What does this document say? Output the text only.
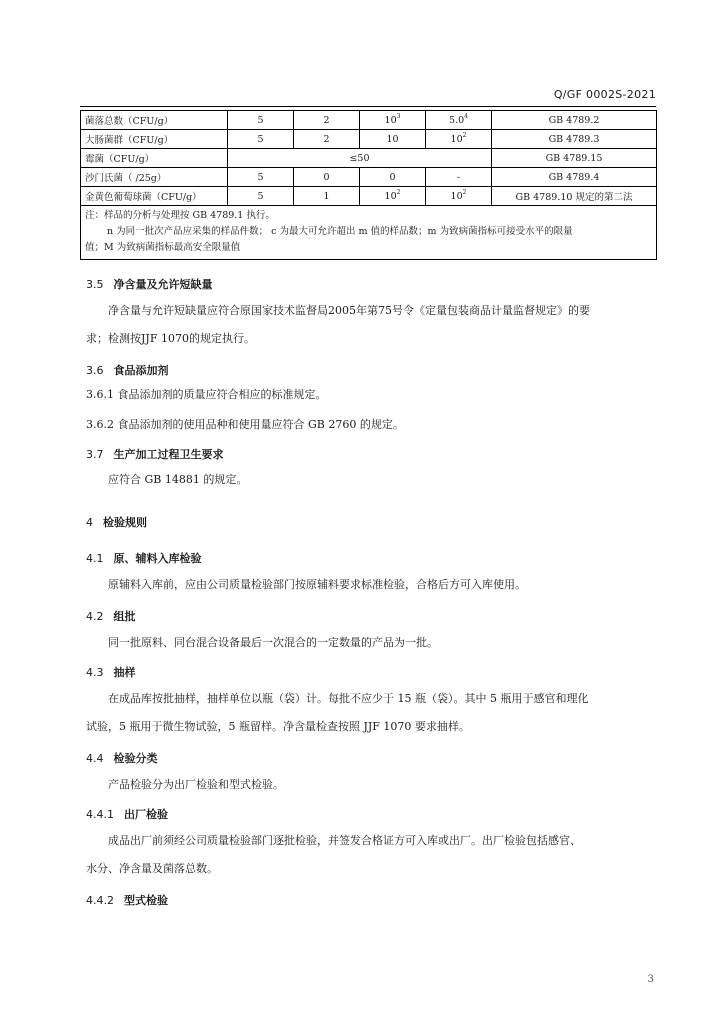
Q/GF 0002S-2021
菌落总数（CFU/g）	5	2	$10^3$	$5.0^4$	GB 4789.2
大肠菌群（CFU/g）	5	2	10	$10^2$	GB 4789.3
霉菌（CFU/g）	≤50				GB 4789.15
沙门氏菌（ /25g）	5	0	0	-	GB 4789.4
金黄色葡萄球菌（CFU/g）	5	1	$10^2$	$10^2$	GB 4789.10 规定的第二法

注：样品的分析与处理按 GB 4789.1 执行。
n 为同一批次产品应采集的样品件数； c 为最大可允许超出 m 值的样品数；m 为致病菌指标可接受水平的限量
值；M 为致病菌指标最高安全限量值					
3.5 净含量及允许短缺量
净含量与允许短缺量应符合原国家技术监督局2005年第75号令《定量包装商品计量监督规定》的要
求；检测按JJF 1070的规定执行。
3.6 食品添加剂
3.6.1 食品添加剂的质量应符合相应的标准规定。
3.6.2 食品添加剂的使用品种和使用量应符合 GB 2760 的规定。
3.7 生产加工过程卫生要求
应符合 GB 14881 的规定。
4 检验规则
4.1 原、辅料入库检验
原辅料入库前，应由公司质量检验部门按原辅料要求标准检验，合格后方可入库使用。
4.2 组批
同一批原料、同台混合设备最后一次混合的一定数量的产品为一批。
4.3 抽样
在成品库按批抽样，抽样单位以瓶（袋）计。每批不应少于 15 瓶（袋）。其中 5 瓶用于感官和理化
试验，5 瓶用于微生物试验，5 瓶留样。净含量检查按照 JJF 1070 要求抽样。
4.4 检验分类
产品检验分为出厂检验和型式检验。
4.4.1 出厂检验
成品出厂前须经公司质量检验部门逐批检验，并签发合格证方可入库或出厂。出厂检验包括感官、
水分、净含量及菌落总数。
4.4.2 型式检验
3
